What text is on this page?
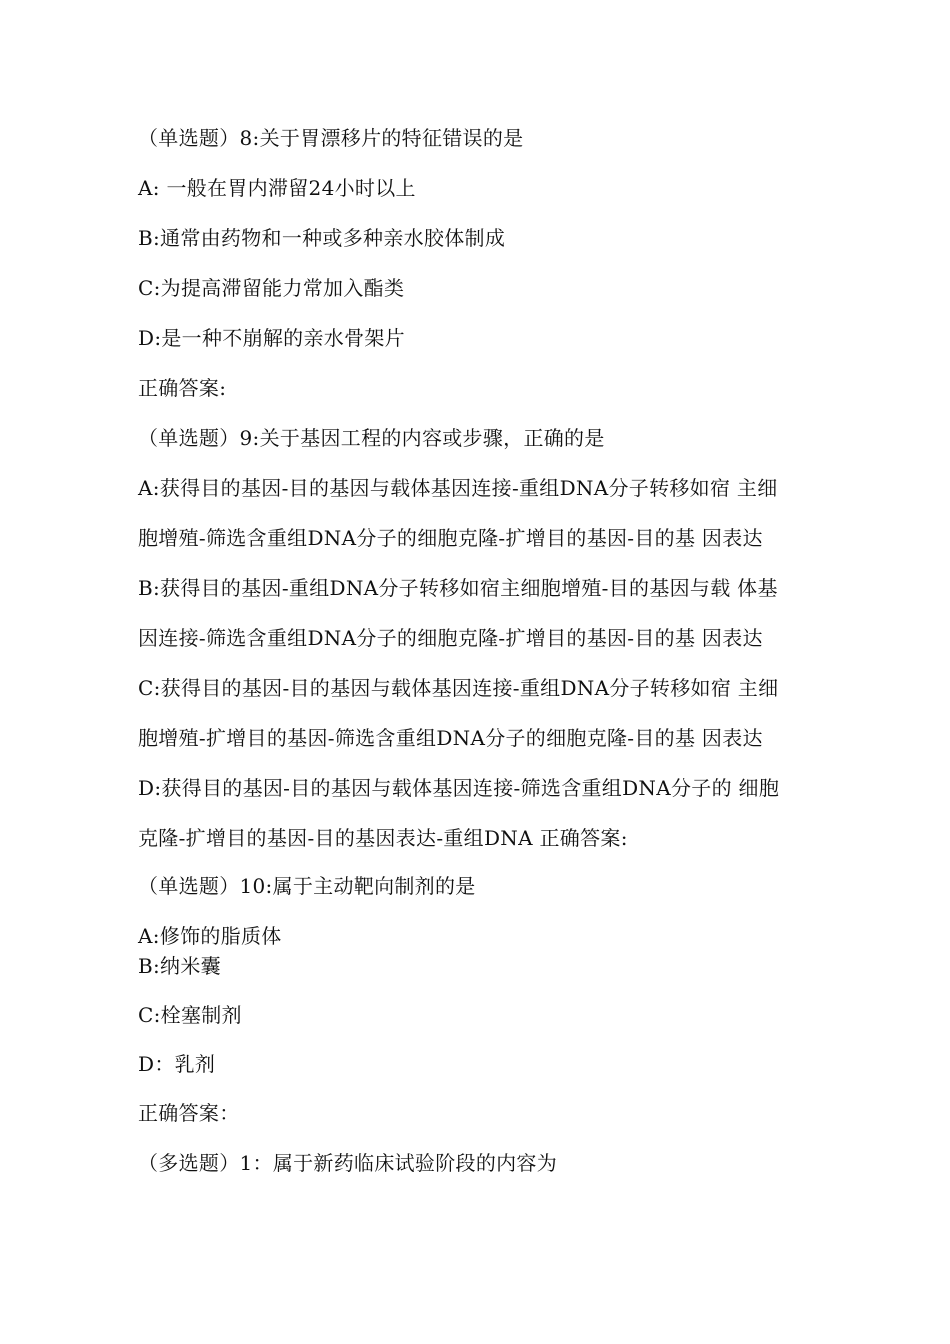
（单选题）8:关于胃漂移片的特征错误的是
A: 一般在胃内滞留24小时以上
B:通常由药物和一种或多种亲水胶体制成
C:为提高滞留能力常加入酯类
D:是一种不崩解的亲水骨架片
正确答案:
（单选题）9:关于基因工程的内容或步骤，正确的是
A:获得目的基因-目的基因与载体基因连接-重组DNA分子转移如宿 主细
胞增殖-筛选含重组DNA分子的细胞克隆-扩增目的基因-目的基 因表达
B:获得目的基因-重组DNA分子转移如宿主细胞增殖-目的基因与载 体基
因连接-筛选含重组DNA分子的细胞克隆-扩增目的基因-目的基 因表达
C:获得目的基因-目的基因与载体基因连接-重组DNA分子转移如宿 主细
胞增殖-扩增目的基因-筛选含重组DNA分子的细胞克隆-目的基 因表达
D:获得目的基因-目的基因与载体基因连接-筛选含重组DNA分子的 细胞
克隆-扩增目的基因-目的基因表达-重组DNA 正确答案:
（单选题）10:属于主动靶向制剂的是
A:修饰的脂质体
B:纳米囊
C:栓塞制剂
D：乳剂
正确答案：
（多选题）1：属于新药临床试验阶段的内容为
